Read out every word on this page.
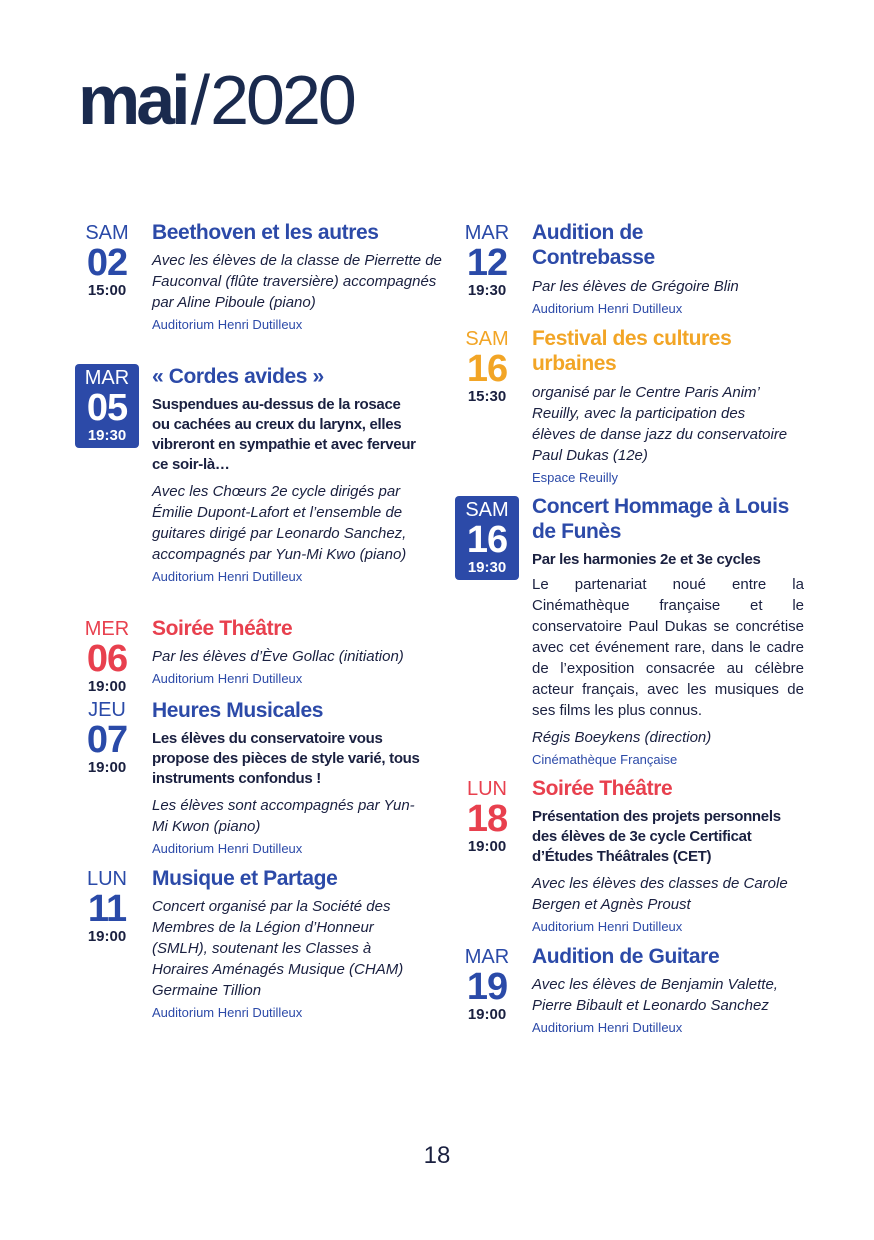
mai/2020
SAM
02
15:00
Beethoven et les autres
Avec les élèves de la classe de Pierrette de Fauconval (flûte traversière) accompagnés par Aline Piboule (piano)
Auditorium Henri Dutilleux
MAR
05
19:30
« Cordes avides »
Suspendues au-dessus de la rosace ou cachées au creux du larynx, elles vibreront en sympathie et avec ferveur ce soir-là…
Avec les Chœurs 2e cycle dirigés par Émilie Dupont-Lafort et l’ensemble de guitares dirigé par Leonardo Sanchez, accompagnés par Yun-Mi Kwo (piano)
Auditorium Henri Dutilleux
MER
06
19:00
Soirée Théâtre
Par les élèves d’Ève Gollac (initiation)
Auditorium Henri Dutilleux
JEU
07
19:00
Heures Musicales
Les élèves du conservatoire vous propose des pièces de style varié, tous instruments confondus !
Les élèves sont accompagnés par Yun-Mi Kwon (piano)
Auditorium Henri Dutilleux
LUN
11
19:00
Musique et Partage
Concert organisé par la Société des Membres de la Légion d’Honneur (SMLH), soutenant les Classes à Horaires Aménagés Musique (CHAM) Germaine Tillion
Auditorium Henri Dutilleux
MAR
12
19:30
Audition de Contrebasse
Par les élèves de Grégoire Blin
Auditorium Henri Dutilleux
SAM
16
15:30
Festival des cultures urbaines
organisé par le Centre Paris Anim’ Reuilly, avec la participation des élèves de danse jazz du conservatoire Paul Dukas (12e)
Espace Reuilly
SAM
16
19:30
Concert Hommage à Louis de Funès
Par les harmonies 2e et 3e cycles
Le partenariat noué entre la Cinémathèque française et le conservatoire Paul Dukas se concrétise avec cet événement rare, dans le cadre de l’exposition consacrée au célèbre acteur français, avec les musiques de ses films les plus connus.
Régis Boeykens (direction)
Cinémathèque Française
LUN
18
19:00
Soirée Théâtre
Présentation des projets personnels des élèves de 3e cycle Certificat d’Études Théâtrales (CET)
Avec les élèves des classes de Carole Bergen et Agnès Proust
Auditorium Henri Dutilleux
MAR
19
19:00
Audition de Guitare
Avec les élèves de Benjamin Valette, Pierre Bibault et Leonardo Sanchez
Auditorium Henri Dutilleux
18
